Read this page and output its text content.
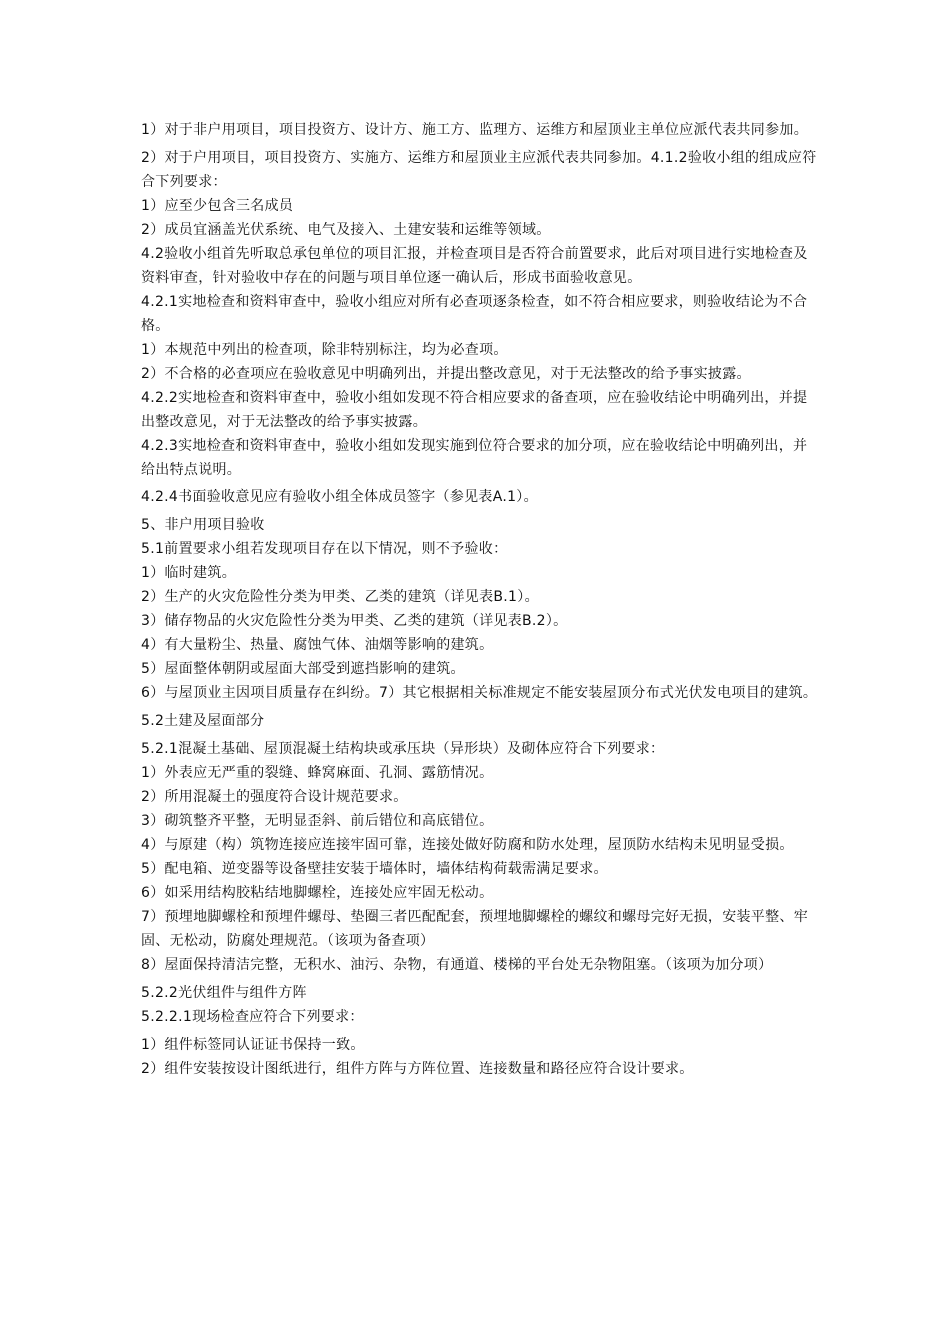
1）对于非户用项目，项目投资方、设计方、施工方、监理方、运维方和屋顶业主单位应派代表共同参加。

2）对于户用项目，项目投资方、实施方、运维方和屋顶业主应派代表共同参加。4.1.2验收小组的组成应符合下列要求：

1）应至少包含三名成员

2）成员宜涵盖光伏系统、电气及接入、土建安装和运维等领域。

4.2验收小组首先听取总承包单位的项目汇报，并检查项目是否符合前置要求，此后对项目进行实地检查及资料审查，针对验收中存在的问题与项目单位逐一确认后，形成书面验收意见。

4.2.1实地检查和资料审查中，验收小组应对所有必查项逐条检查，如不符合相应要求，则验收结论为不合格。

1）本规范中列出的检查项，除非特别标注，均为必查项。

2）不合格的必查项应在验收意见中明确列出，并提出整改意见，对于无法整改的给予事实披露。

4.2.2实地检查和资料审查中，验收小组如发现不符合相应要求的备查项，应在验收结论中明确列出，并提出整改意见，对于无法整改的给予事实披露。

4.2.3实地检查和资料审查中，验收小组如发现实施到位符合要求的加分项，应在验收结论中明确列出，并给出特点说明。

4.2.4书面验收意见应有验收小组全体成员签字（参见表A.1）。

5、非户用项目验收

5.1前置要求小组若发现项目存在以下情况，则不予验收：

1）临时建筑。

2）生产的火灾危险性分类为甲类、乙类的建筑（详见表B.1）。

3）储存物品的火灾危险性分类为甲类、乙类的建筑（详见表B.2）。

4）有大量粉尘、热量、腐蚀气体、油烟等影响的建筑。

5）屋面整体朝阴或屋面大部受到遮挡影响的建筑。

6）与屋顶业主因项目质量存在纠纷。7）其它根据相关标准规定不能安装屋顶分布式光伏发电项目的建筑。

5.2土建及屋面部分

5.2.1混凝土基础、屋顶混凝土结构块或承压块（异形块）及砌体应符合下列要求：

1）外表应无严重的裂缝、蜂窝麻面、孔洞、露筋情况。

2）所用混凝土的强度符合设计规范要求。

3）砌筑整齐平整，无明显歪斜、前后错位和高底错位。

4）与原建（构）筑物连接应连接牢固可靠，连接处做好防腐和防水处理，屋顶防水结构未见明显受损。

5）配电箱、逆变器等设备壁挂安装于墙体时，墙体结构荷载需满足要求。

6）如采用结构胶粘结地脚螺栓，连接处应牢固无松动。

7）预埋地脚螺栓和预埋件螺母、垫圈三者匹配配套，预埋地脚螺栓的螺纹和螺母完好无损，安装平整、牢固、无松动，防腐处理规范。（该项为备查项）

8）屋面保持清洁完整，无积水、油污、杂物，有通道、楼梯的平台处无杂物阻塞。（该项为加分项）

5.2.2光伏组件与组件方阵

5.2.2.1现场检查应符合下列要求：

1）组件标签同认证证书保持一致。

2）组件安装按设计图纸进行，组件方阵与方阵位置、连接数量和路径应符合设计要求。
